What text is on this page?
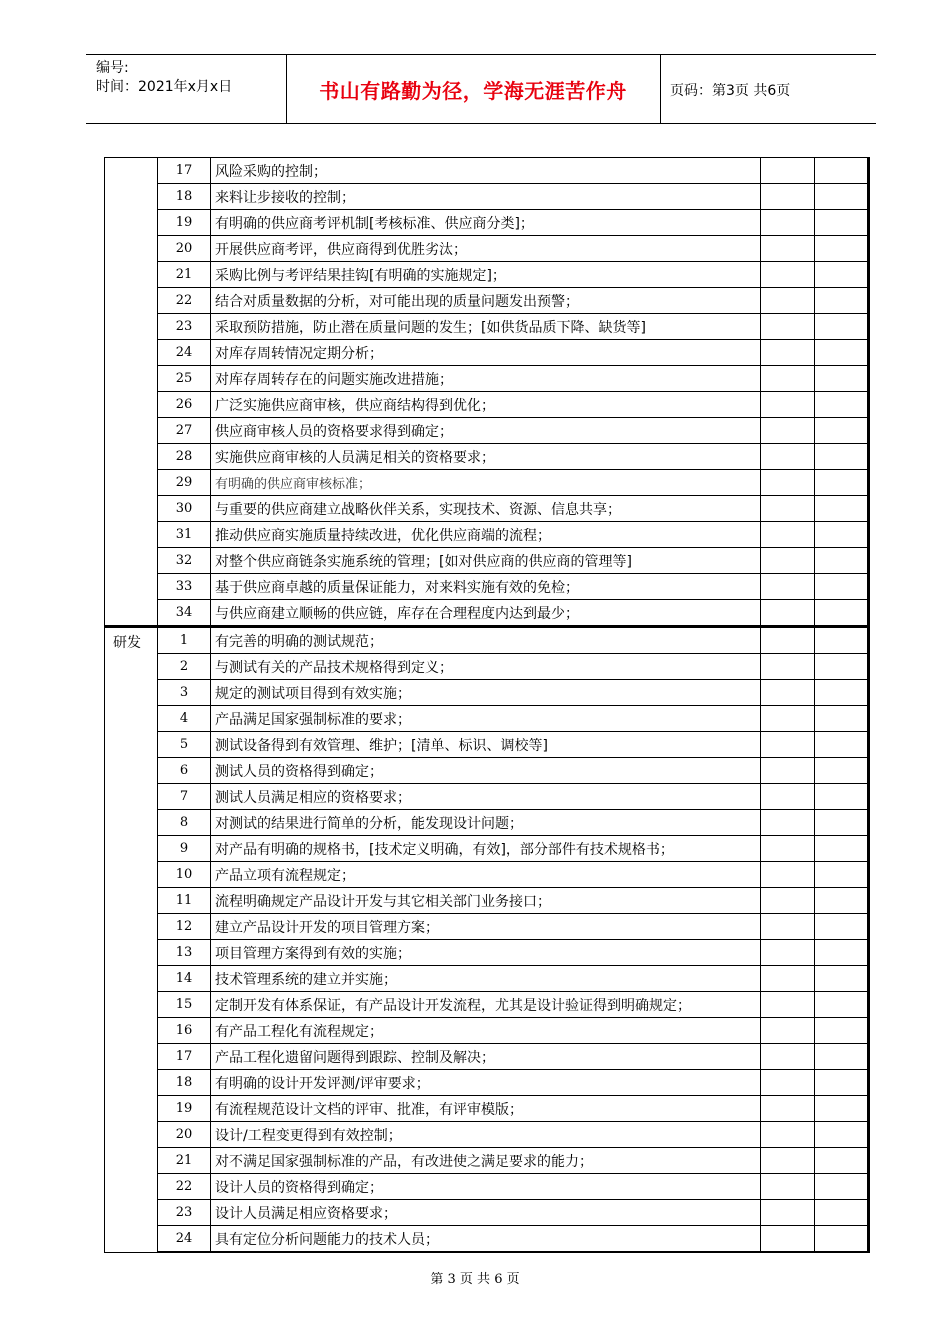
编号:
时间：2021年x月x日	书山有路勤为径，学海无涯苦作舟	页码：第3页 共6页
	17	风险采购的控制；		
	18	来料让步接收的控制；		
	19	有明确的供应商考评机制[考核标准、供应商分类]；		
	20	开展供应商考评，供应商得到优胜劣汰；		
	21	采购比例与考评结果挂钩[有明确的实施规定]；		
	22	结合对质量数据的分析，对可能出现的质量问题发出预警；		
	23	采取预防措施，防止潜在质量问题的发生；[如供货品质下降、缺货等]		
	24	对库存周转情况定期分析；		
	25	对库存周转存在的问题实施改进措施；		
	26	广泛实施供应商审核，供应商结构得到优化；		
	27	供应商审核人员的资格要求得到确定；		
	28	实施供应商审核的人员满足相关的资格要求；		
	29	有明确的供应商审核标准；		
	30	与重要的供应商建立战略伙伴关系，实现技术、资源、信息共享；		
	31	推动供应商实施质量持续改进，优化供应商端的流程；		
	32	对整个供应商链条实施系统的管理；[如对供应商的供应商的管理等]		
	33	基于供应商卓越的质量保证能力，对来料实施有效的免检；		
	34	与供应商建立顺畅的供应链，库存在合理程度内达到最少；		
研发	1	有完善的明确的测试规范；		
	2	与测试有关的产品技术规格得到定义；		
	3	规定的测试项目得到有效实施；		
	4	产品满足国家强制标准的要求；		
	5	测试设备得到有效管理、维护；[清单、标识、调校等]		
	6	测试人员的资格得到确定；		
	7	测试人员满足相应的资格要求；		
	8	对测试的结果进行简单的分析，能发现设计问题；		
	9	对产品有明确的规格书，[技术定义明确，有效]，部分部件有技术规格书；		
	10	产品立项有流程规定；		
	11	流程明确规定产品设计开发与其它相关部门业务接口；		
	12	建立产品设计开发的项目管理方案；		
	13	项目管理方案得到有效的实施；		
	14	技术管理系统的建立并实施；		
	15	定制开发有体系保证，有产品设计开发流程，尤其是设计验证得到明确规定；		
	16	有产品工程化有流程规定；		
	17	产品工程化遗留问题得到跟踪、控制及解决；		
	18	有明确的设计开发评测/评审要求；		
	19	有流程规范设计文档的评审、批准，有评审模版；		
	20	设计/工程变更得到有效控制；		
	21	对不满足国家强制标准的产品，有改进使之满足要求的能力；		
	22	设计人员的资格得到确定；		
	23	设计人员满足相应资格要求；		
	24	具有定位分析问题能力的技术人员；		
第 3 页 共 6 页
